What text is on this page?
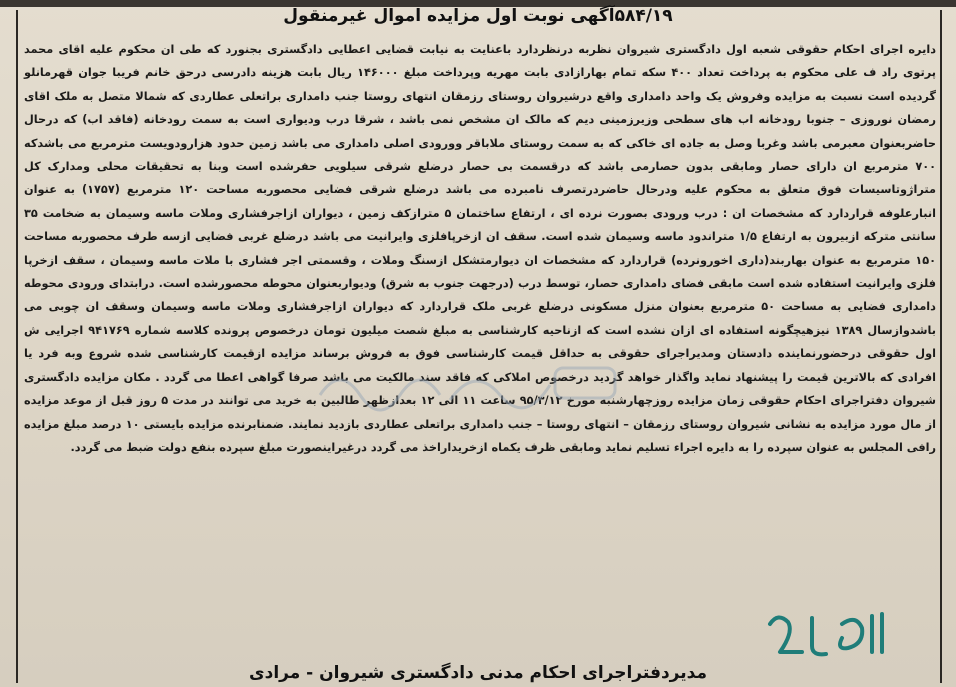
۵۸۴/۱۹آگهی نوبت اول مزایده اموال غیرمنقول
دایره اجرای احکام حقوقی شعبه اول دادگستری شیروان نظربه درنظردارد باعنایت به نیابت قضایی اعطایی دادگستری بجنورد که طی ان محکوم علیه اقای محمد پرتوی راد ف علی محکوم به پرداخت تعداد ۴۰۰ سکه تمام بهارازادی بابت مهریه وپرداخت مبلغ ۱۴۶۰۰۰ ریال بابت هزینه دادرسی درحق خانم فریبا جوان قهرمانلو گردیده است نسبت به مزایده وفروش یک واحد دامداری واقع درشیروان روستای رزمقان انتهای روستا جنب دامداری براتعلی عطاردی که شمالا متصل به ملک اقای رمضان نوروزی – جنوبا رودخانه اب های سطحی وزیرزمینی دیم که مالک ان مشخص نمی باشد ، شرقا درب ودیواری است به سمت رودخانه (فاقد اب) که درحال حاضربعنوان معبرمی باشد وغربا وصل به جاده ای خاکی که به سمت روستای ملاباقر وورودی اصلی دامداری می باشد زمین حدود هزارودویست مترمربع می باشدکه ۷۰۰ مترمربع ان دارای حصار ومابقی بدون حصارمی باشد که درقسمت بی حصار درضلع شرقی سیلویی حفرشده است وبنا به تحقیقات محلی ومدارک کل متراژوتاسیسات فوق متعلق به محکوم علیه ودرحال حاضردرتصرف نامبرده می باشد درضلع شرقی فضایی محصوربه مساحت ۱۲۰ مترمربع (۱۷۵۷) به عنوان انبارعلوفه قراردارد که مشخصات ان : درب ورودی بصورت نرده ای ، ارتفاع ساختمان ۵ مترازکف زمین ، دیواران ازاجرفشاری وملات ماسه وسیمان به ضخامت ۳۵ سانتی مترکه ازبیرون به ارتفاع ۱/۵ متراندود ماسه وسیمان شده است. سقف ان ازخرپافلزی وایرانیت می باشد درضلع غربی فضایی ازسه طرف محصوربه مساحت ۱۵۰ مترمربع به عنوان بهاربند(داری اخورونرده) قراردارد که مشخصات ان دیوارمتشکل ازسنگ وملات ، وقسمتی اجر فشاری با ملات ماسه وسیمان ، سقف ازخرپا فلزی وایرانیت استفاده شده است مابقی فضای دامداری حصار، توسط درب (درجهت جنوب به شرق) ودیواربعنوان محوطه محصورشده است. درابتدای ورودی محوطه دامداری فضایی به مساحت ۵۰ مترمربع بعنوان منزل مسکونی درضلع غربی ملک قراردارد که دیواران ازاجرفشاری وملات ماسه وسیمان وسقف ان چوبی می باشدوازسال ۱۳۸۹ نیزهیچگونه استفاده ای ازان نشده است که ازناحیه کارشناسی به مبلغ شصت میلیون تومان درخصوص پرونده کلاسه شماره ۹۴۱۷۶۹ اجرایی ش اول حقوقی درحضورنماینده دادستان ومدیراجرای حقوقی به حداقل قیمت کارشناسی فوق به فروش برساند مزایده ازقیمت کارشناسی شده شروع وبه فرد یا افرادی که بالاترین قیمت را پیشنهاد نماید واگذار خواهد گردید درخصوص املاکی که فاقد سند مالکیت می باشد صرفا گواهی اعطا می گردد . مکان مزایده دادگستری شیروان دفتراجرای احکام حقوقی زمان مزایده روزچهارشنبه مورخ ۹۵/۳/۱۲ ساعت ۱۱ الی ۱۲ بعدازظهر طالبین به خرید می توانند در مدت ۵ روز قبل از موعد مزایده از مال مورد مزایده به نشانی شیروان روستای رزمقان – انتهای روستا – جنب دامداری براتعلی عطاردی بازدید نمایند. ضمنابرنده مزایده بایستی ۱۰ درصد مبلغ مزایده رافی المجلس به عنوان سپرده را به دایره اجراء تسلیم نماید ومابقی ظرف یکماه ازخریداراخذ می گردد درغیراینصورت مبلغ سپرده بنفع دولت ضبط می گردد.
مدیردفتراجرای احکام مدنی دادگستری شیروان - مرادی
